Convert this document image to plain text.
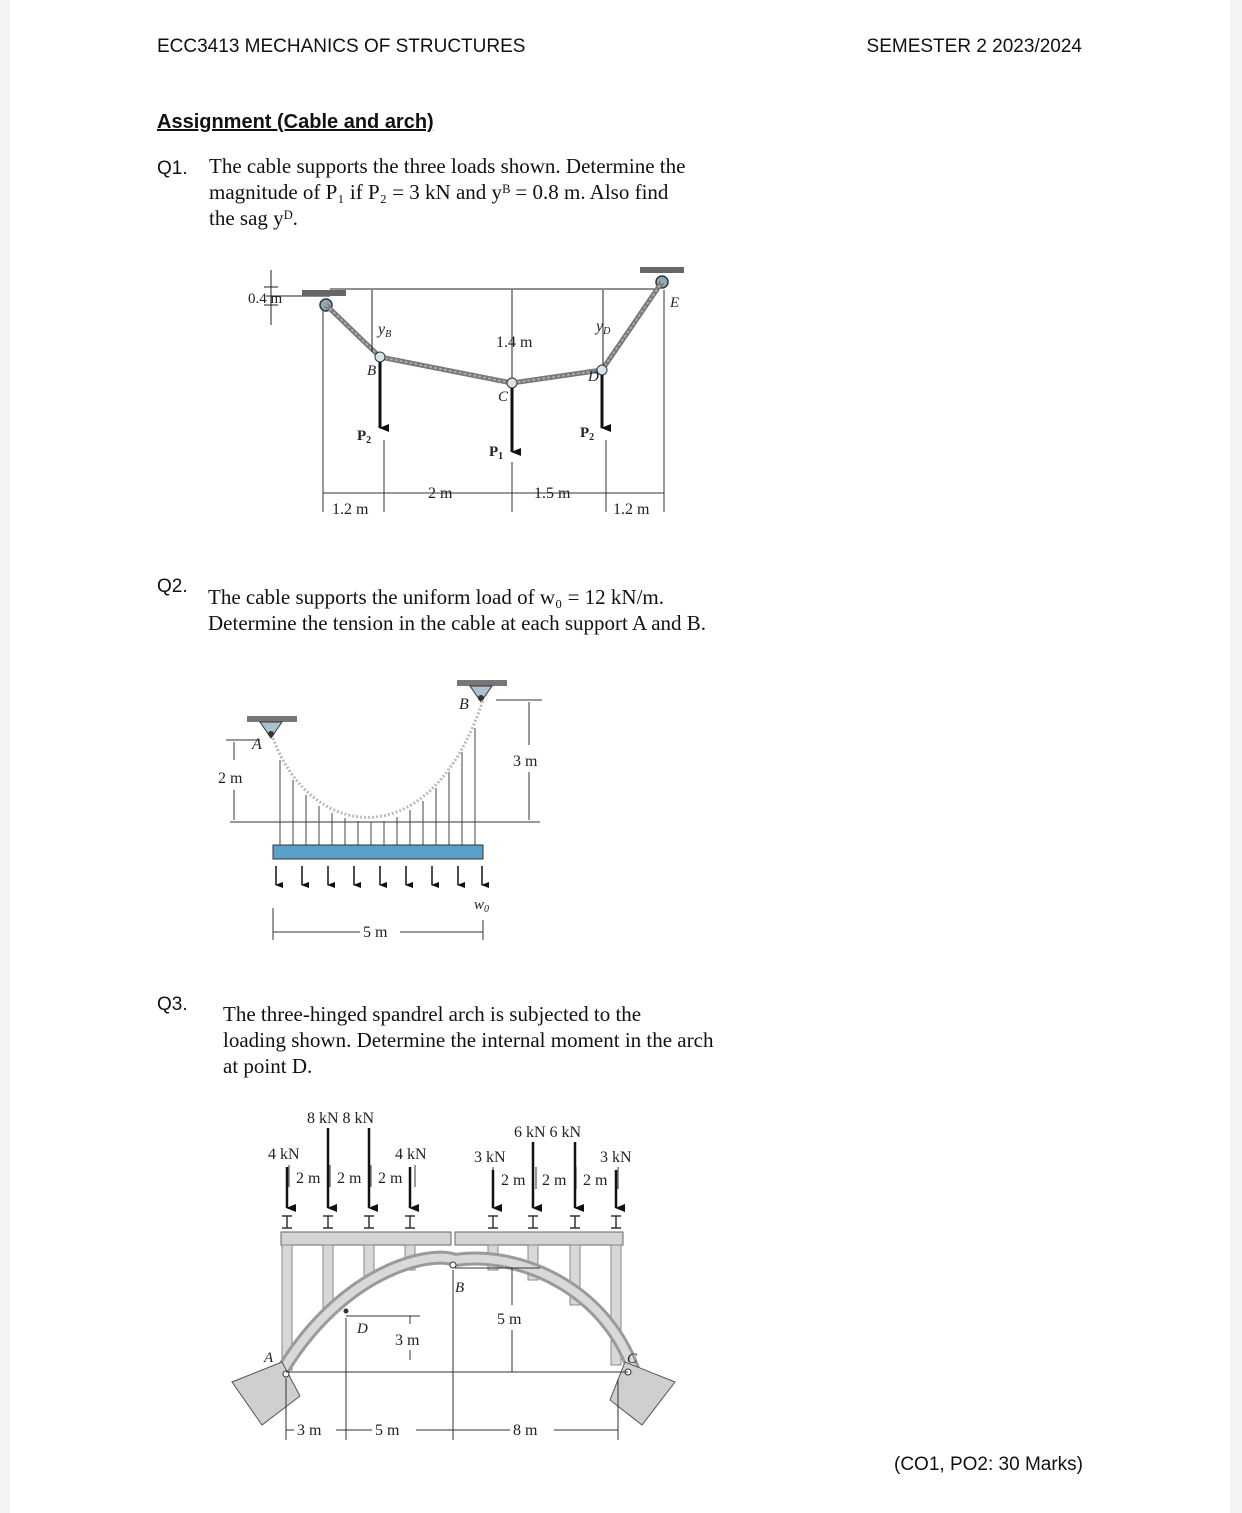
ECC3413 MECHANICS OF STRUCTURES	SEMESTER 2 2023/2024
Assignment (Cable and arch)
Q1. The cable supports the three loads shown. Determine the
magnitude of P₁ if P₂ = 3 kN and yᴮ = 0.8 m. Also find
the sag yᴰ.
0.4 m
B
C
D
E
yB	yD
1.4 m
$P_2$
$P_1$
$P_2$
1.2 m
2 m	1.5 m
1.2 m
Q2. The cable supports the uniform load of w₀ = 12 kN/m.
Determine the tension in the cable at each support A and B.
A
B
2 m
3 m
$w_0$
5 m
Q3. The three-hinged spandrel arch is subjected to the
loading shown. Determine the internal moment in the arch
at point D.
8 kN 8 kN
4 kN	4 kN
6 kN 6 kN
3 kN	3 kN
2 m 2 m 2 m	2 m 2 m 2 m
A
B
C
D
3 m
5 m
3 m	5 m	8 m
(CO1, PO2: 30 Marks)
